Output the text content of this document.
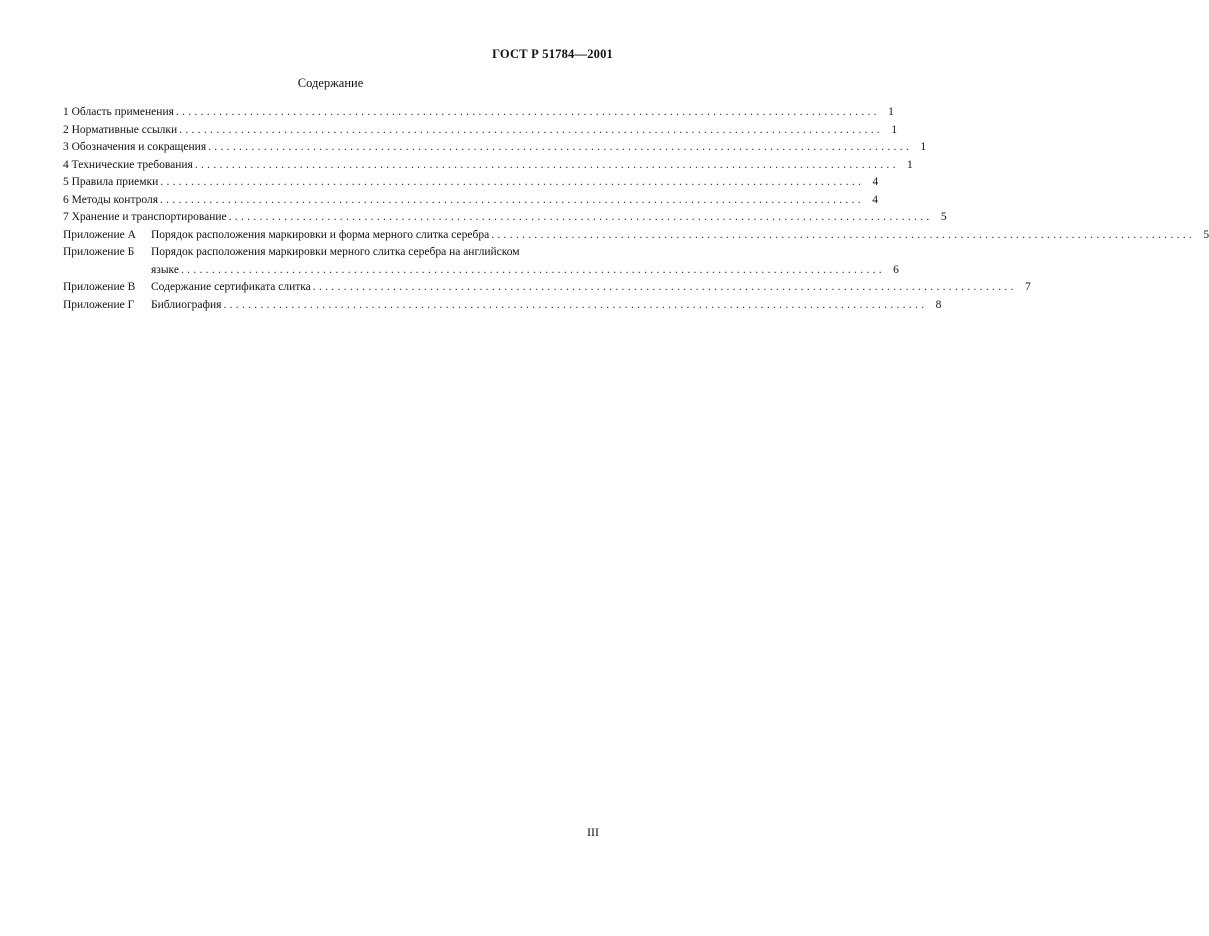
ГОСТ Р 51784—2001
Содержание
1 Область применения .................................................................................................................. 1
2 Нормативные ссылки .................................................................................................................. 1
3 Обозначения и сокращения .................................................................................................................. 1
4 Технические требования .................................................................................................................. 1
5 Правила приемки .................................................................................................................. 4
6 Методы контроля .................................................................................................................. 4
7 Хранение и транспортирование .................................................................................................................. 5
Приложение А Порядок расположения маркировки и форма мерного слитка серебра .................................................................................................................. 5
Приложение Б Порядок расположения маркировки мерного слитка серебра на английском
языке .................................................................................................................. 6
Приложение В Содержание сертификата слитка .................................................................................................................. 7
Приложение Г Библиография .................................................................................................................. 8
III
